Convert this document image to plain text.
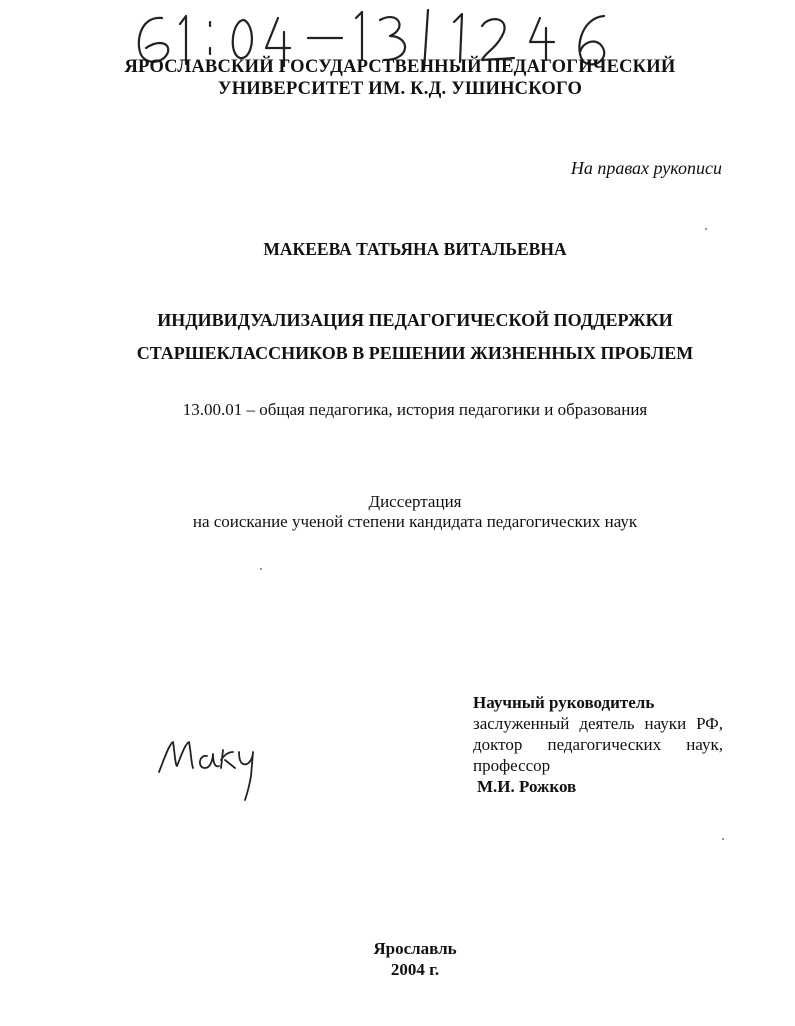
ЯРОСЛАВСКИЙ ГОСУДАРСТВЕННЫЙ ПЕДАГОГИЧЕСКИЙ
УНИВЕРСИТЕТ ИМ. К.Д. УШИНСКОГО
На правах рукописи
МАКЕЕВА ТАТЬЯНА ВИТАЛЬЕВНА
ИНДИВИДУАЛИЗАЦИЯ ПЕДАГОГИЧЕСКОЙ ПОДДЕРЖКИ
СТАРШЕКЛАССНИКОВ В РЕШЕНИИ ЖИЗНЕННЫХ ПРОБЛЕМ
13.00.01 – общая педагогика, история педагогики и образования
Диссертация
на соискание ученой степени кандидата педагогических наук
Научный руководитель
заслуженный деятель науки РФ,
доктор педагогических наук,
профессор
М.И. Рожков
Ярославль
2004 г.
